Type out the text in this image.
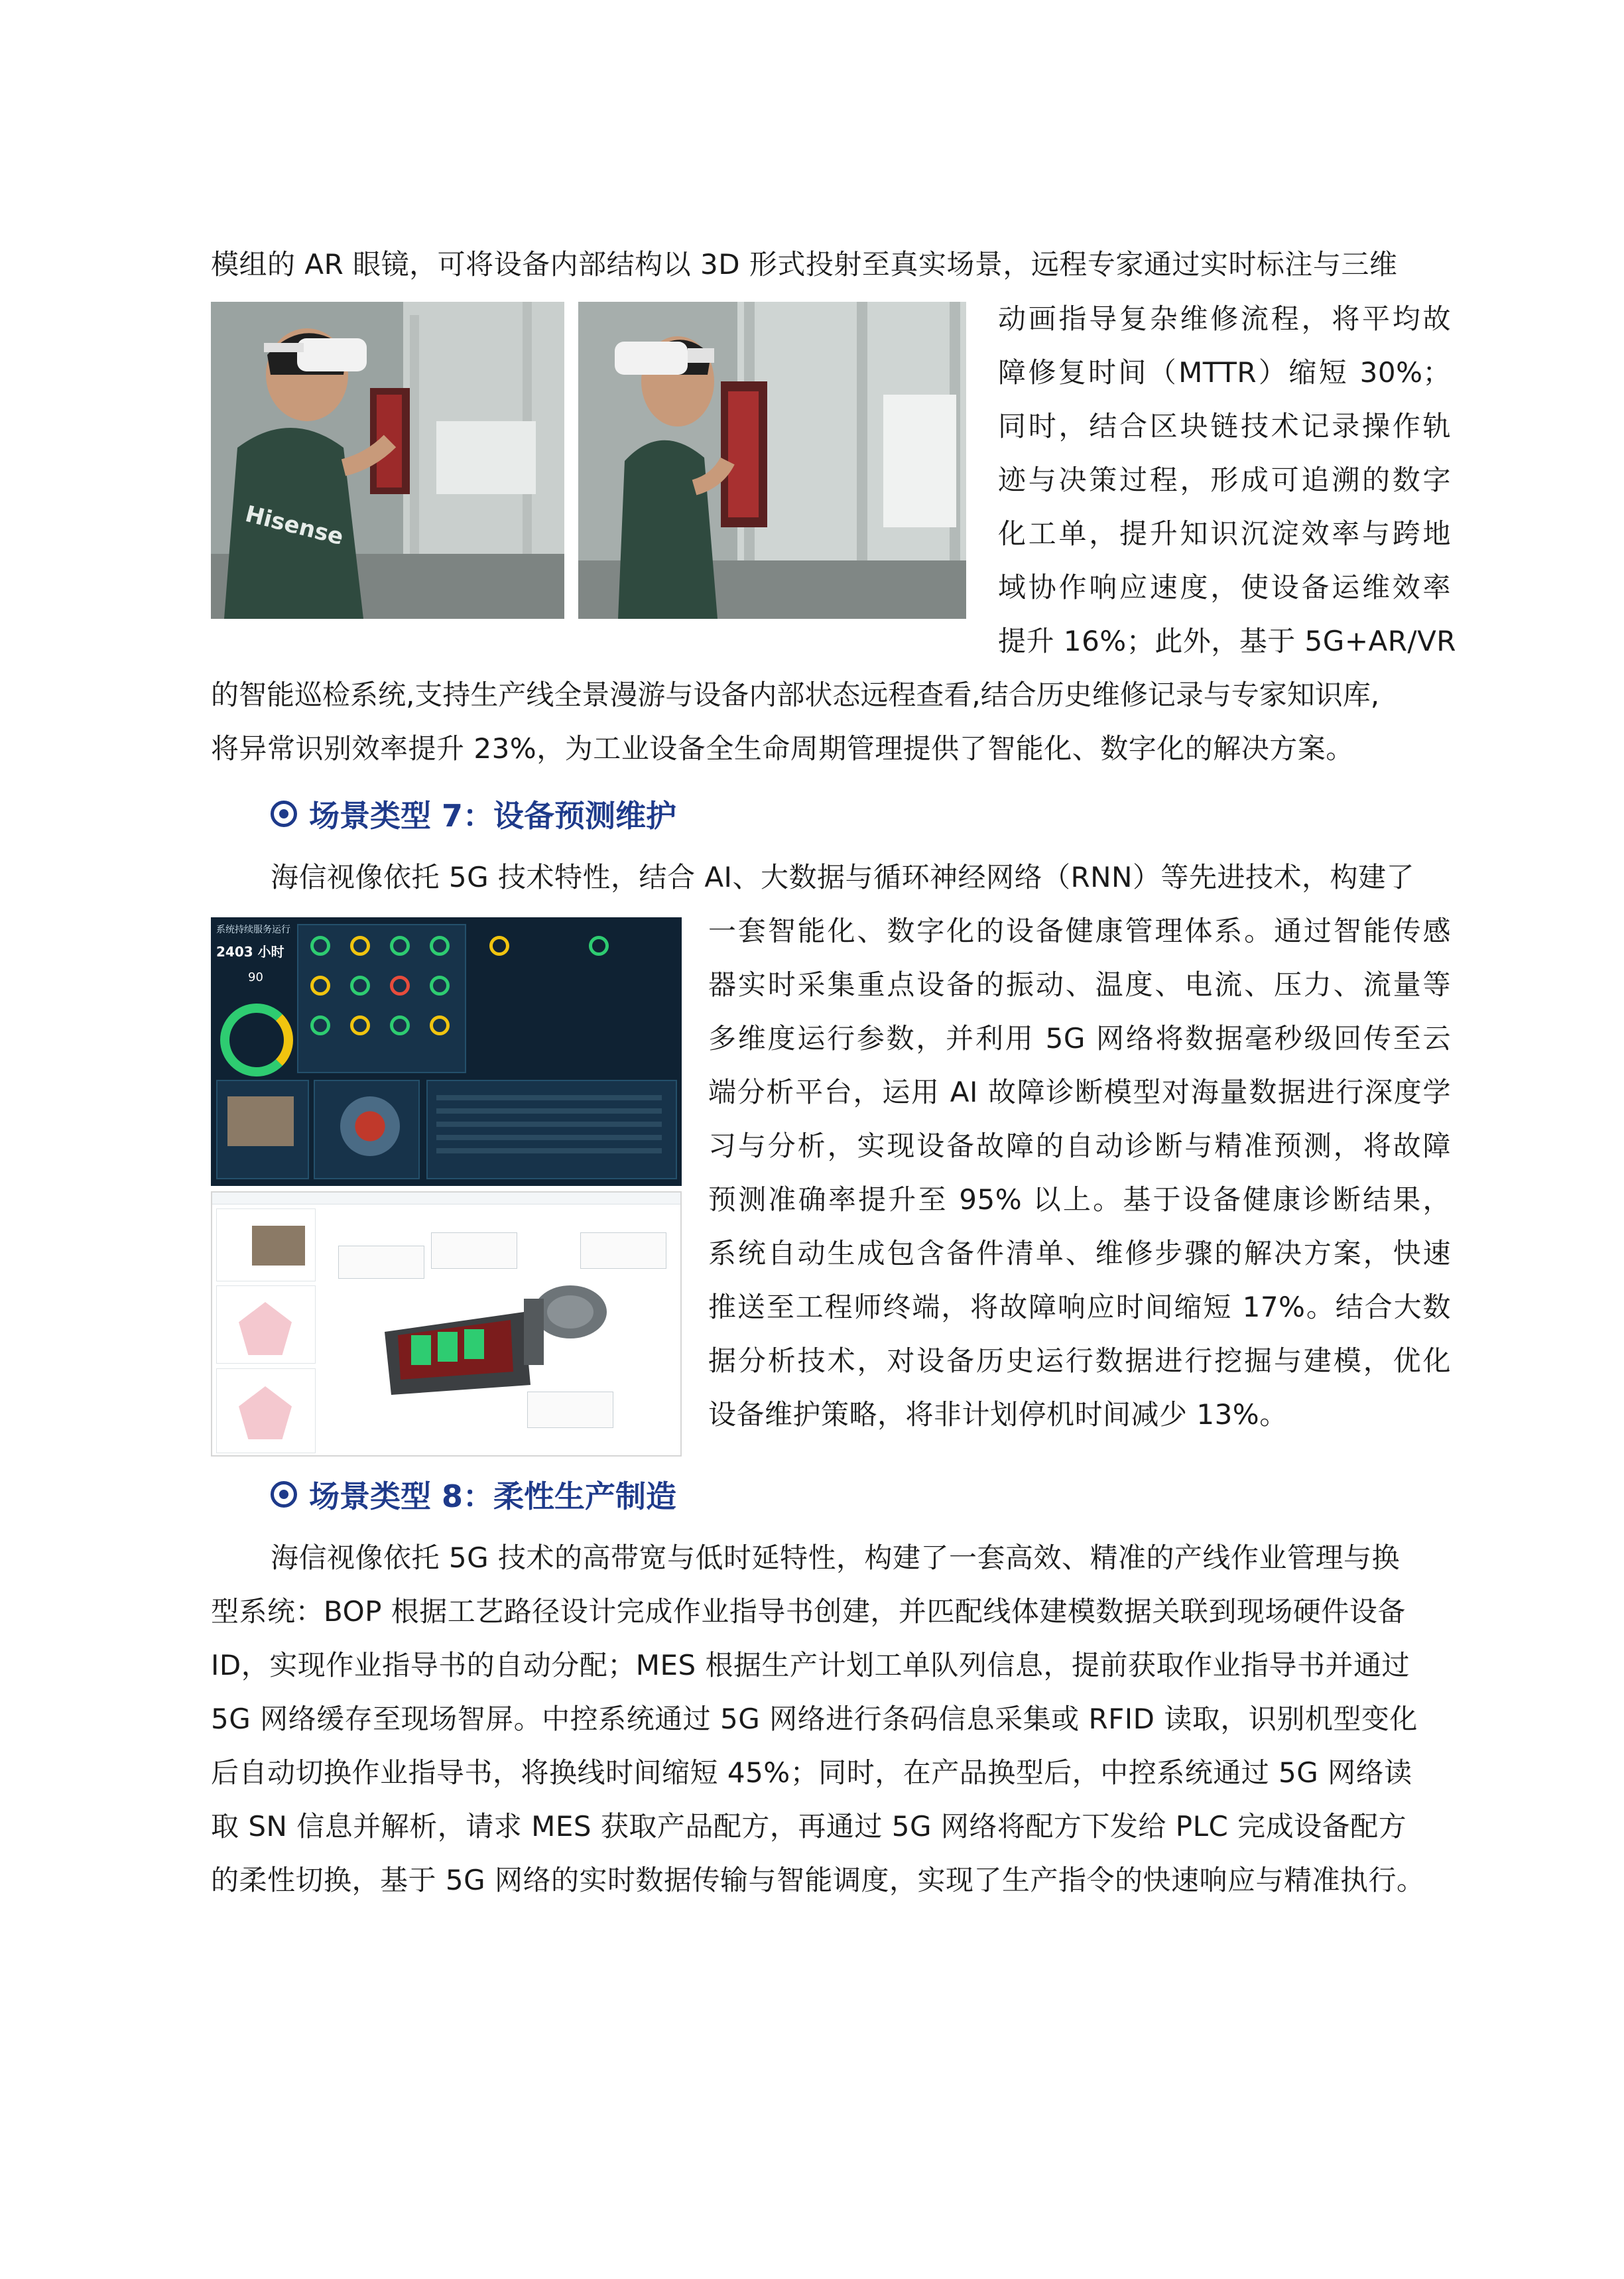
模组的 AR 眼镜，可将设备内部结构以 3D 形式投射至真实场景，远程专家通过实时标注与三维
Hisense
动画指导复杂维修流程，将平均故
障修复时间（MTTR）缩短 30%；
同时，结合区块链技术记录操作轨
迹与决策过程，形成可追溯的数字
化工单，提升知识沉淀效率与跨地
域协作响应速度，使设备运维效率
提升 16%；此外，基于 5G+AR/VR
的智能巡检系统,支持生产线全景漫游与设备内部状态远程查看,结合历史维修记录与专家知识库,
将异常识别效率提升 23%，为工业设备全生命周期管理提供了智能化、数字化的解决方案。
场景类型 7：设备预测维护
海信视像依托 5G 技术特性，结合 AI、大数据与循环神经网络（RNN）等先进技术，构建了
系统持续服务运行
2403 小时
90
一套智能化、数字化的设备健康管理体系。通过智能传感
器实时采集重点设备的振动、温度、电流、压力、流量等
多维度运行参数，并利用 5G 网络将数据毫秒级回传至云
端分析平台，运用 AI 故障诊断模型对海量数据进行深度学
习与分析，实现设备故障的自动诊断与精准预测，将故障
预测准确率提升至 95% 以上。基于设备健康诊断结果，
系统自动生成包含备件清单、维修步骤的解决方案，快速
推送至工程师终端，将故障响应时间缩短 17%。结合大数
据分析技术，对设备历史运行数据进行挖掘与建模，优化
设备维护策略，将非计划停机时间减少 13%。
场景类型 8：柔性生产制造
海信视像依托 5G 技术的高带宽与低时延特性，构建了一套高效、精准的产线作业管理与换
型系统：BOP 根据工艺路径设计完成作业指导书创建，并匹配线体建模数据关联到现场硬件设备
ID，实现作业指导书的自动分配；MES 根据生产计划工单队列信息，提前获取作业指导书并通过
5G 网络缓存至现场智屏。中控系统通过 5G 网络进行条码信息采集或 RFID 读取，识别机型变化
后自动切换作业指导书，将换线时间缩短 45%；同时，在产品换型后，中控系统通过 5G 网络读
取 SN 信息并解析，请求 MES 获取产品配方，再通过 5G 网络将配方下发给 PLC 完成设备配方
的柔性切换，基于 5G 网络的实时数据传输与智能调度，实现了生产指令的快速响应与精准执行。
